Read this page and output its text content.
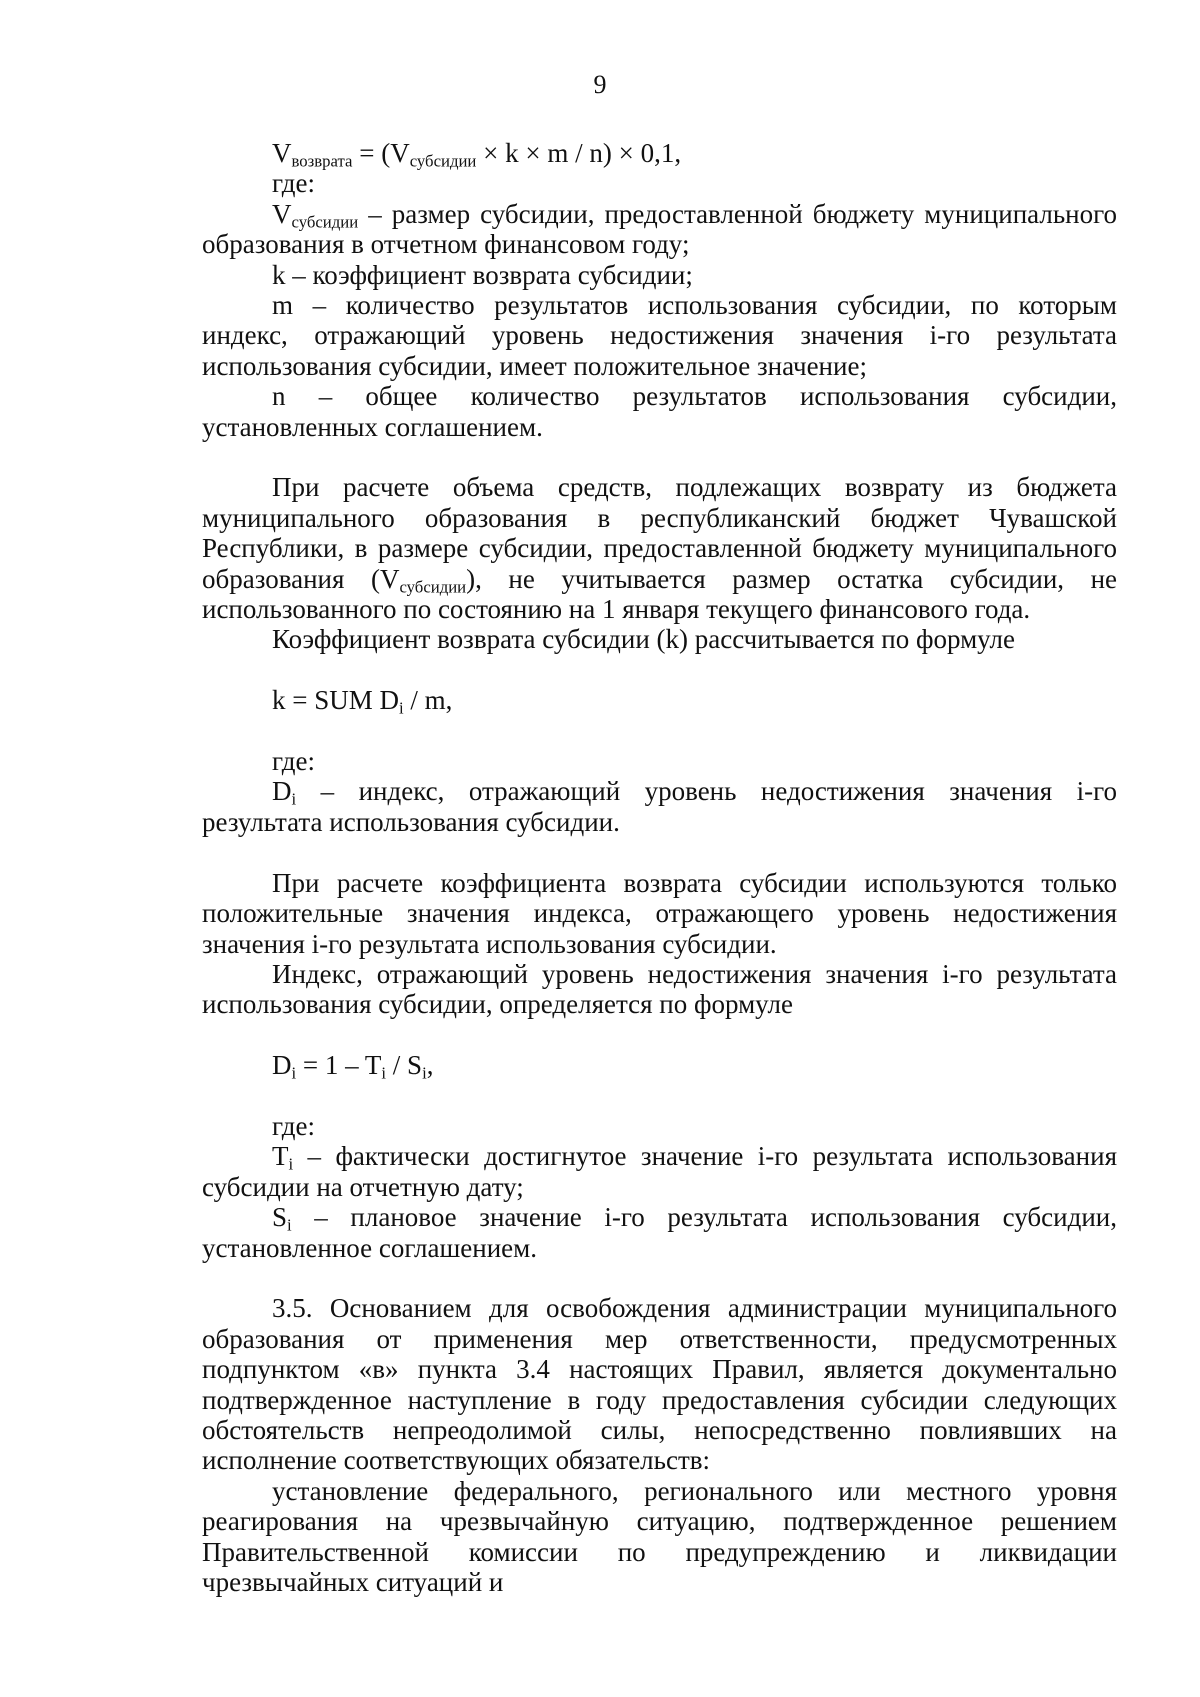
9

$V_{возврата} = (V_{субсидии} \times k \times m / n) \times 0,1$,

где:

$V_{субсидии}$ – размер субсидии, предоставленной бюджету муниципального образования в отчетном финансовом году;

k – коэффициент возврата субсидии;

m – количество результатов использования субсидии, по которым индекс, отражающий уровень недостижения значения i-го результата использования субсидии, имеет положительное значение;

n – общее количество результатов использования субсидии, установленных соглашением.

При расчете объема средств, подлежащих возврату из бюджета муниципального образования в республиканский бюджет Чувашской Республики, в размере субсидии, предоставленной бюджету муниципального образования $(V_{субсидии})$, не учитывается размер остатка субсидии, не использованного по состоянию на 1 января текущего финансового года.

Коэффициент возврата субсидии (k) рассчитывается по формуле

k = SUM $D_i$ / m,

где:

$D_i$ – индекс, отражающий уровень недостижения значения i-го результата использования субсидии.

При расчете коэффициента возврата субсидии используются только положительные значения индекса, отражающего уровень недостижения значения i-го результата использования субсидии.

Индекс, отражающий уровень недостижения значения i-го результата использования субсидии, определяется по формуле

$D_i = 1 - T_i / S_i$,

где:

$T_i$ – фактически достигнутое значение i-го результата использования субсидии на отчетную дату;

$S_i$ – плановое значение i-го результата использования субсидии, установленное соглашением.

3.5. Основанием для освобождения администрации муниципального образования от применения мер ответственности, предусмотренных подпунктом «в» пункта 3.4 настоящих Правил, является документально подтвержденное наступление в году предоставления субсидии следующих обстоятельств непреодолимой силы, непосредственно повлиявших на исполнение соответствующих обязательств:

установление федерального, регионального или местного уровня реагирования на чрезвычайную ситуацию, подтвержденное решением Правительственной комиссии по предупреждению и ликвидации чрезвычайных ситуаций и
